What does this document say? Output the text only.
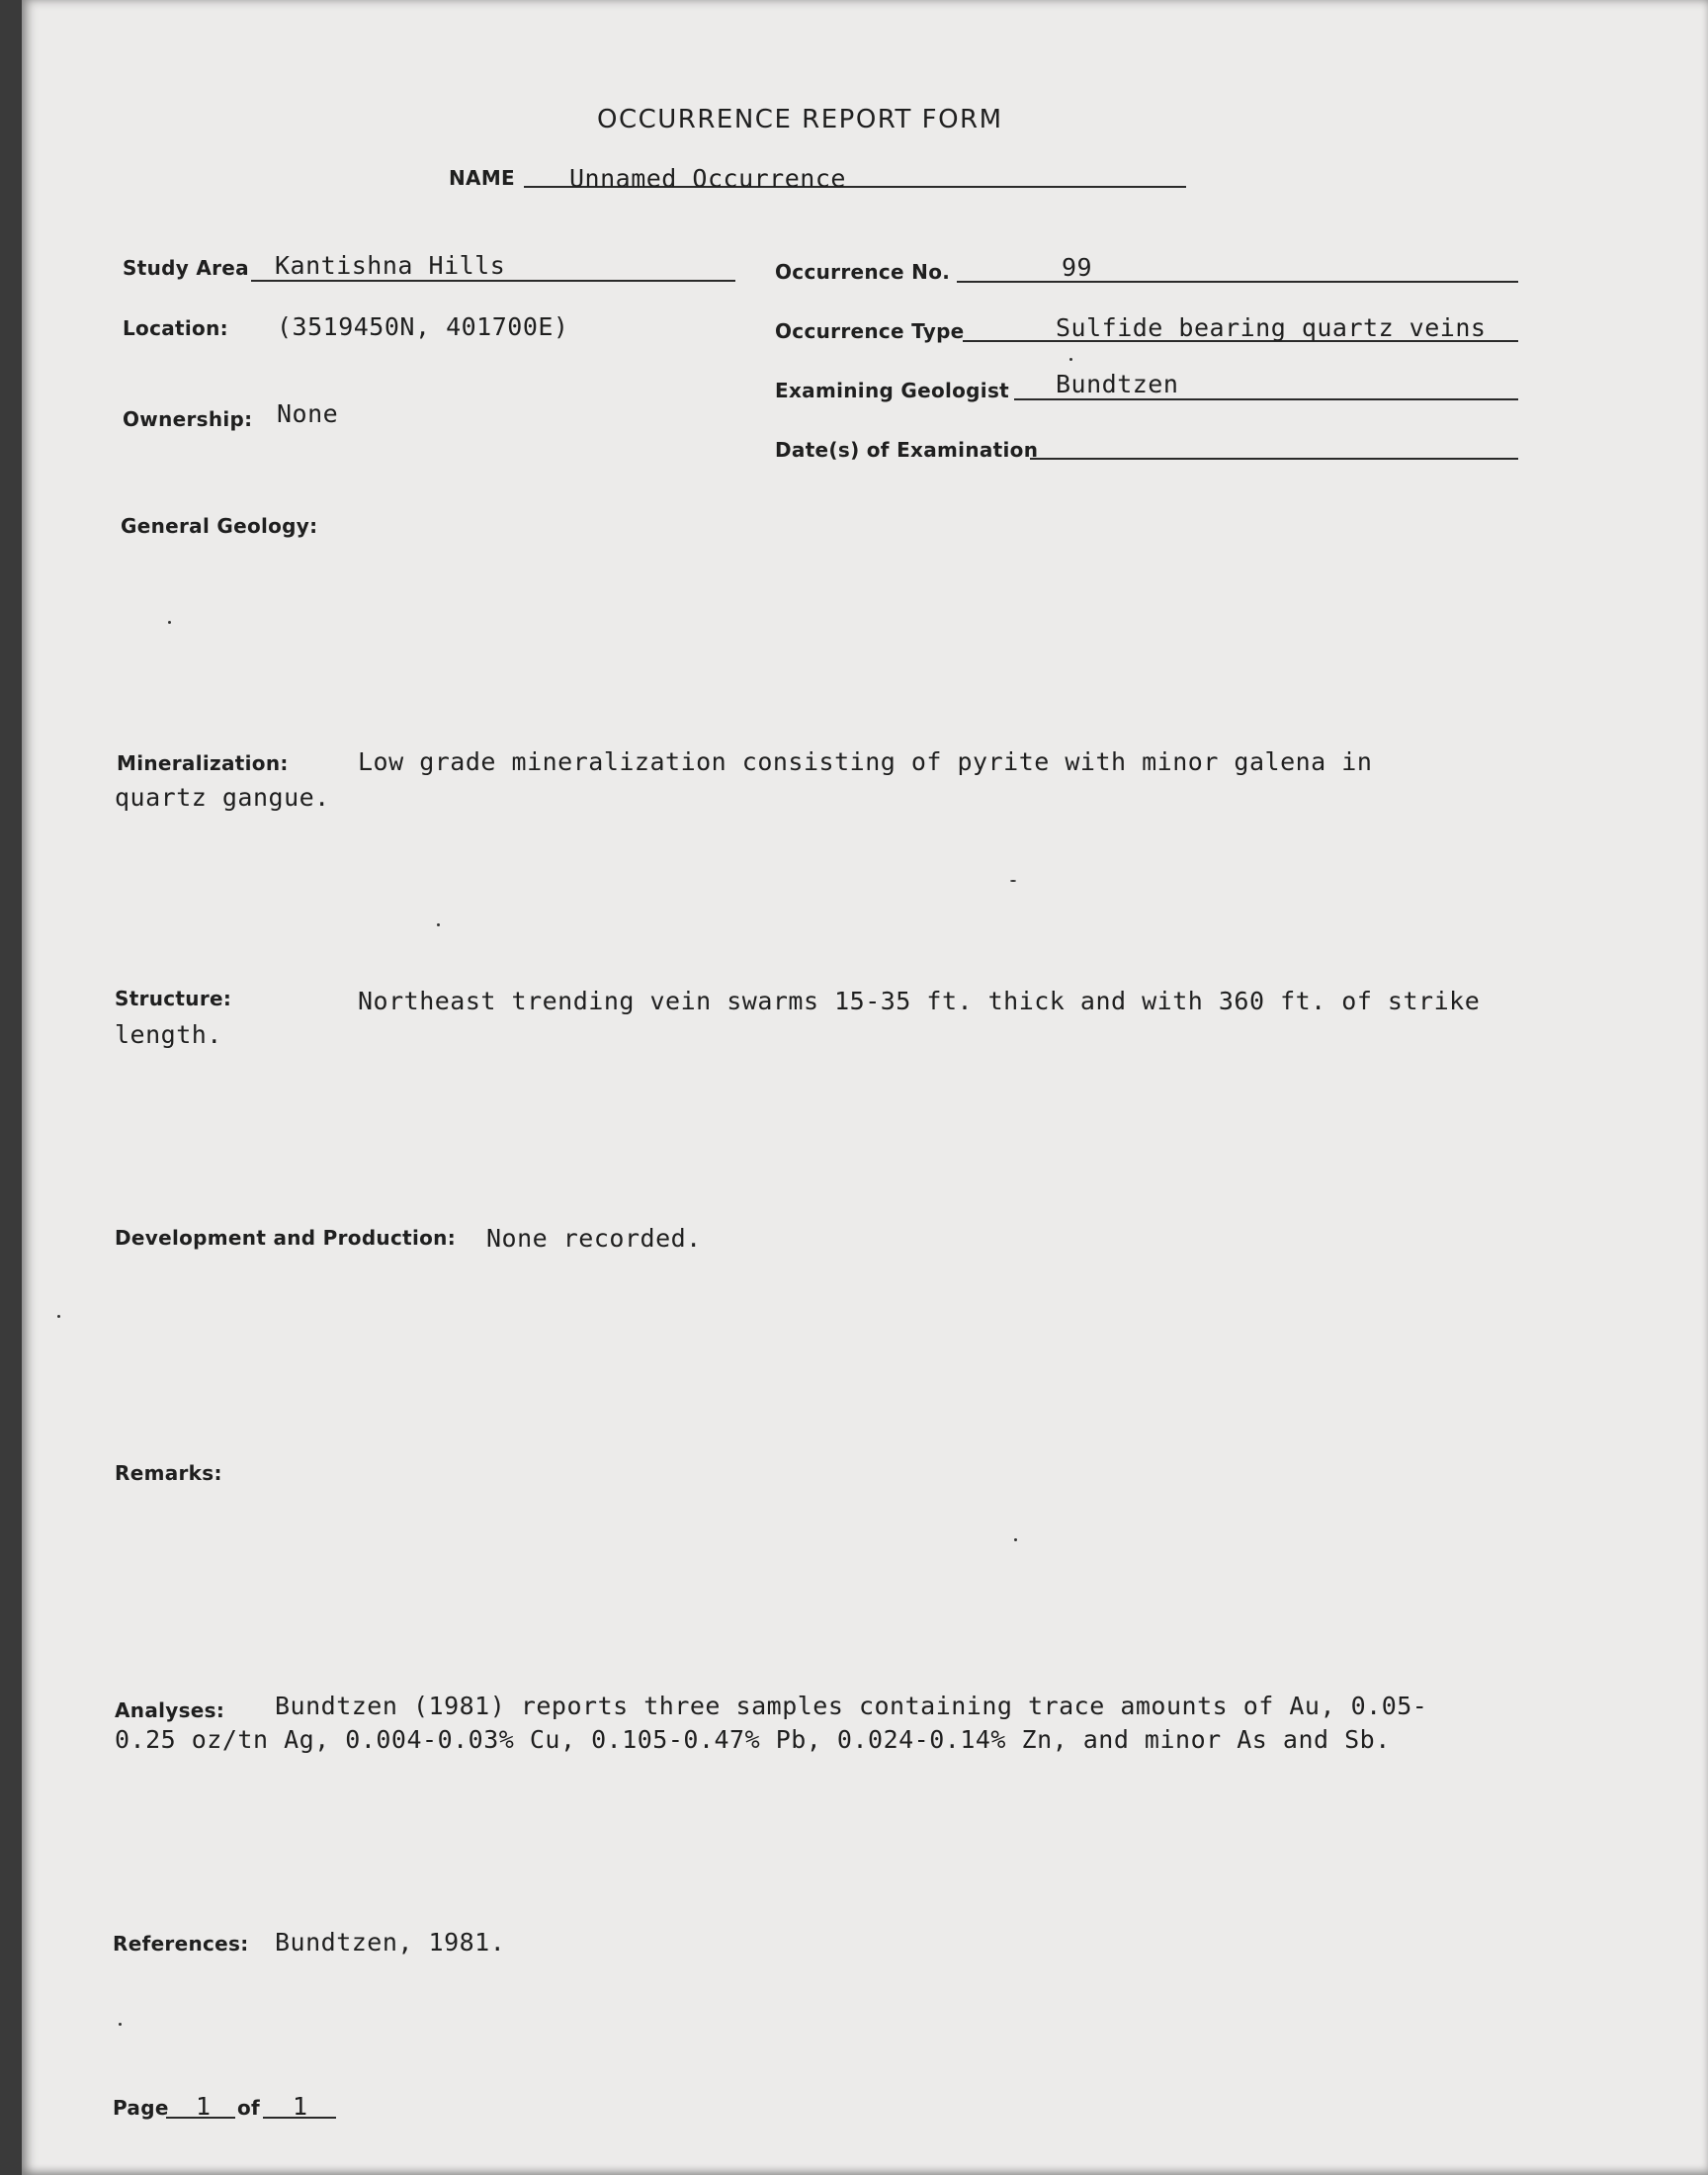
OCCURRENCE REPORT FORM
NAME Unnamed Occurrence
Study Area Kantishna Hills	Occurrence No.	99
Location: (3519450N, 401700E)	Occurrence Type	Sulfide bearing quartz veins
Examining Geologist Bundtzen
Ownership: None
Date(s) of Examination
General Geology:
Mineralization:	Low grade mineralization consisting of pyrite with minor galena in
quartz gangue.
Structure:	Northeast trending vein swarms 15-35 ft. thick and with 360 ft. of strike
length.
Development and Production: None recorded.
Remarks:
Analyses: Bundtzen (1981) reports three samples containing trace amounts of Au, 0.05-
0.25 oz/tn Ag, 0.004-0.03% Cu, 0.105-0.47% Pb, 0.024-0.14% Zn, and minor As and Sb.
References: Bundtzen, 1981.
Page 1 of 1
